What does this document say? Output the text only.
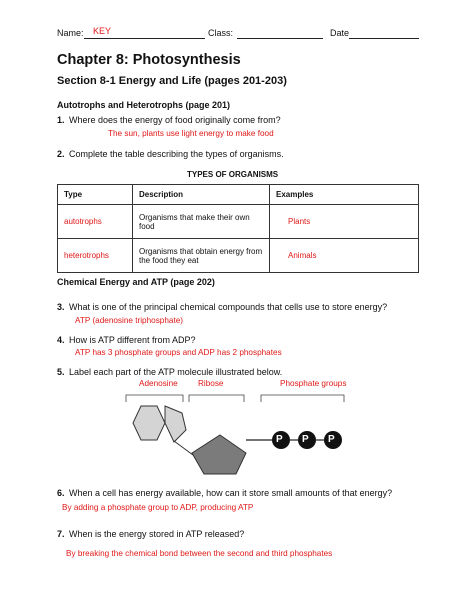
Name: KEY	Class:	Date
Chapter 8: Photosynthesis
Section 8-1 Energy and Life (pages 201-203)
Autotrophs and Heterotrophs (page 201)
1. Where does the energy of food originally come from?
The sun, plants use light energy to make food
2. Complete the table describing the types of organisms.
TYPES OF ORGANISMS
Type	Description	Examples
autotrophs	Organisms that make their own food	Plants
heterotrophs	Organisms that obtain energy from the food they eat	Animals
Chemical Energy and ATP (page 202)
3. What is one of the principal chemical compounds that cells use to store energy?
ATP (adenosine triphosphate)
4. How is ATP different from ADP?
ATP has 3 phosphate groups and ADP has 2 phosphates
5. Label each part of the ATP molecule illustrated below.
Adenosine Ribose	Phosphate groups
P P P
6. When a cell has energy available, how can it store small amounts of that energy?
By adding a phosphate group to ADP, producing ATP
7. When is the energy stored in ATP released?
By breaking the chemical bond between the second and third phosphates
